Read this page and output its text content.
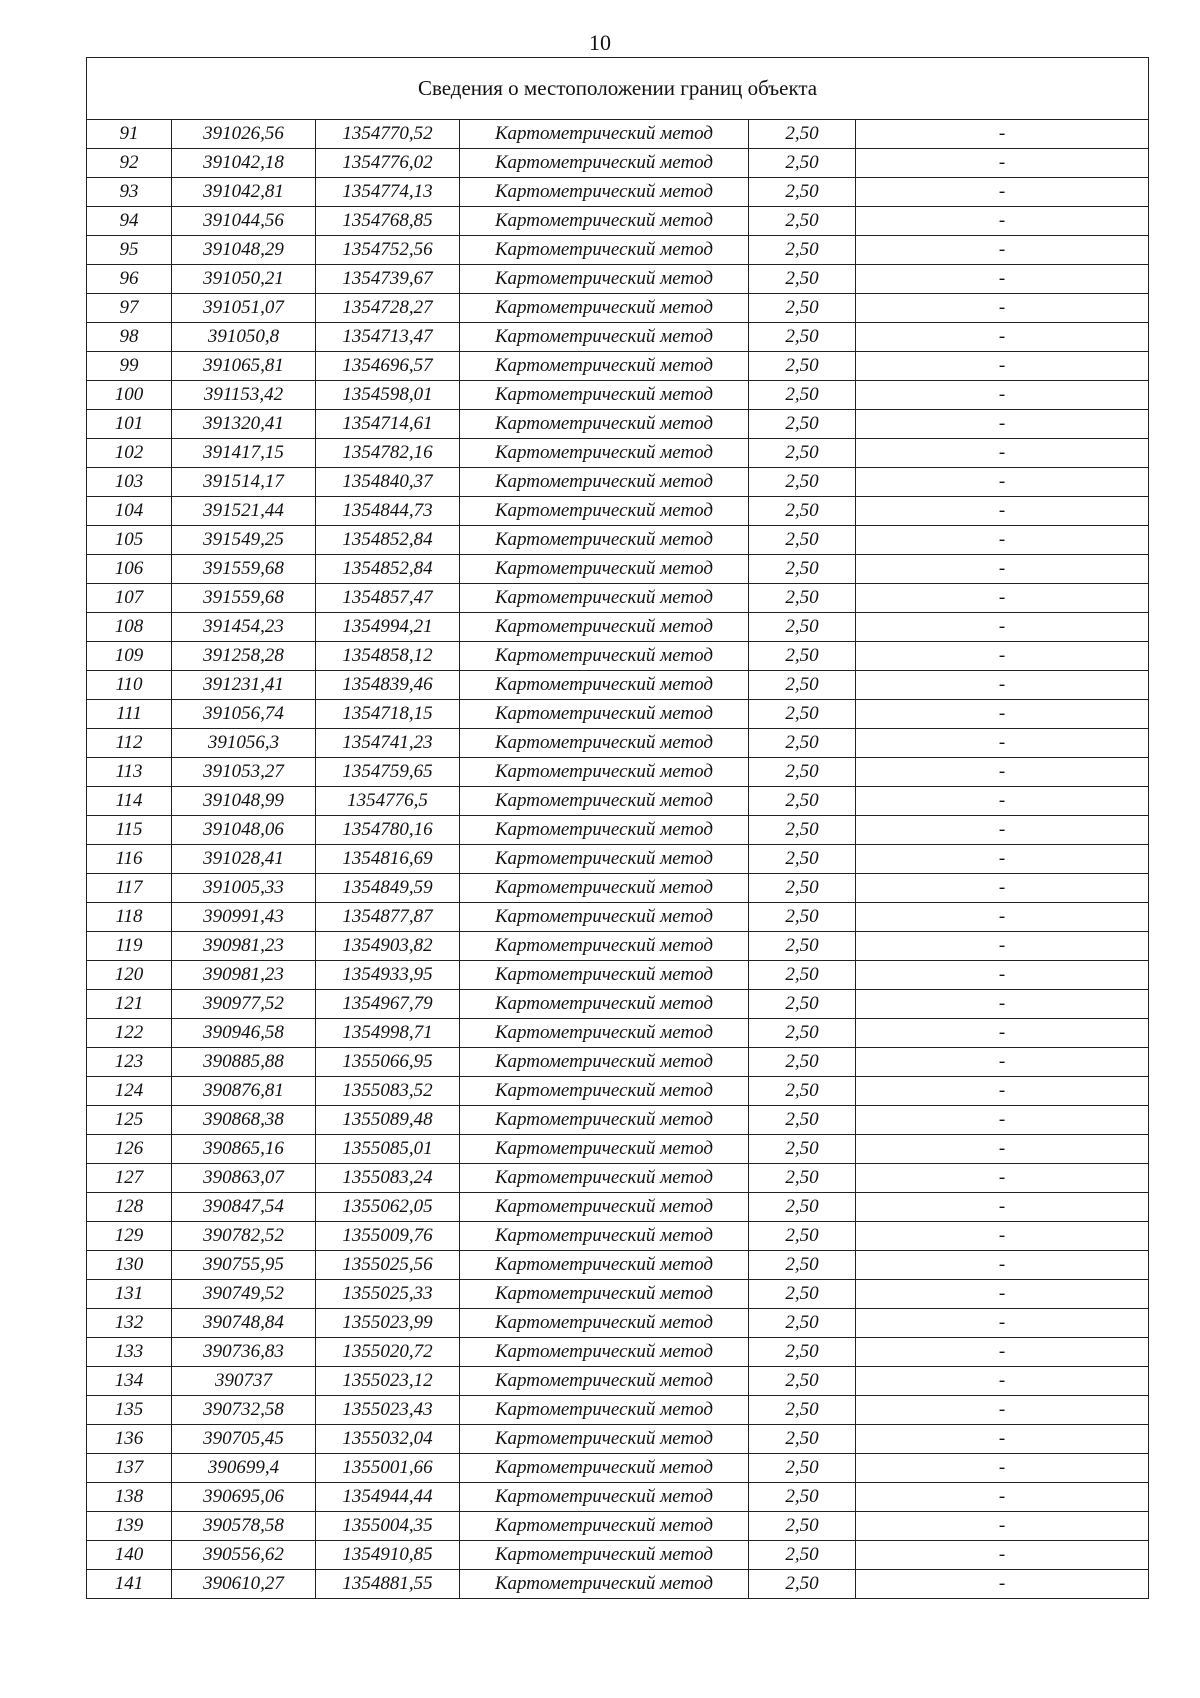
10
Сведения о местоположении границ объекта					
91	391026,56	1354770,52	Картометрический метод	2,50	-
92	391042,18	1354776,02	Картометрический метод	2,50	-
93	391042,81	1354774,13	Картометрический метод	2,50	-
94	391044,56	1354768,85	Картометрический метод	2,50	-
95	391048,29	1354752,56	Картометрический метод	2,50	-
96	391050,21	1354739,67	Картометрический метод	2,50	-
97	391051,07	1354728,27	Картометрический метод	2,50	-
98	391050,8	1354713,47	Картометрический метод	2,50	-
99	391065,81	1354696,57	Картометрический метод	2,50	-
100	391153,42	1354598,01	Картометрический метод	2,50	-
101	391320,41	1354714,61	Картометрический метод	2,50	-
102	391417,15	1354782,16	Картометрический метод	2,50	-
103	391514,17	1354840,37	Картометрический метод	2,50	-
104	391521,44	1354844,73	Картометрический метод	2,50	-
105	391549,25	1354852,84	Картометрический метод	2,50	-
106	391559,68	1354852,84	Картометрический метод	2,50	-
107	391559,68	1354857,47	Картометрический метод	2,50	-
108	391454,23	1354994,21	Картометрический метод	2,50	-
109	391258,28	1354858,12	Картометрический метод	2,50	-
110	391231,41	1354839,46	Картометрический метод	2,50	-
111	391056,74	1354718,15	Картометрический метод	2,50	-
112	391056,3	1354741,23	Картометрический метод	2,50	-
113	391053,27	1354759,65	Картометрический метод	2,50	-
114	391048,99	1354776,5	Картометрический метод	2,50	-
115	391048,06	1354780,16	Картометрический метод	2,50	-
116	391028,41	1354816,69	Картометрический метод	2,50	-
117	391005,33	1354849,59	Картометрический метод	2,50	-
118	390991,43	1354877,87	Картометрический метод	2,50	-
119	390981,23	1354903,82	Картометрический метод	2,50	-
120	390981,23	1354933,95	Картометрический метод	2,50	-
121	390977,52	1354967,79	Картометрический метод	2,50	-
122	390946,58	1354998,71	Картометрический метод	2,50	-
123	390885,88	1355066,95	Картометрический метод	2,50	-
124	390876,81	1355083,52	Картометрический метод	2,50	-
125	390868,38	1355089,48	Картометрический метод	2,50	-
126	390865,16	1355085,01	Картометрический метод	2,50	-
127	390863,07	1355083,24	Картометрический метод	2,50	-
128	390847,54	1355062,05	Картометрический метод	2,50	-
129	390782,52	1355009,76	Картометрический метод	2,50	-
130	390755,95	1355025,56	Картометрический метод	2,50	-
131	390749,52	1355025,33	Картометрический метод	2,50	-
132	390748,84	1355023,99	Картометрический метод	2,50	-
133	390736,83	1355020,72	Картометрический метод	2,50	-
134	390737	1355023,12	Картометрический метод	2,50	-
135	390732,58	1355023,43	Картометрический метод	2,50	-
136	390705,45	1355032,04	Картометрический метод	2,50	-
137	390699,4	1355001,66	Картометрический метод	2,50	-
138	390695,06	1354944,44	Картометрический метод	2,50	-
139	390578,58	1355004,35	Картометрический метод	2,50	-
140	390556,62	1354910,85	Картометрический метод	2,50	-
141	390610,27	1354881,55	Картометрический метод	2,50	-
